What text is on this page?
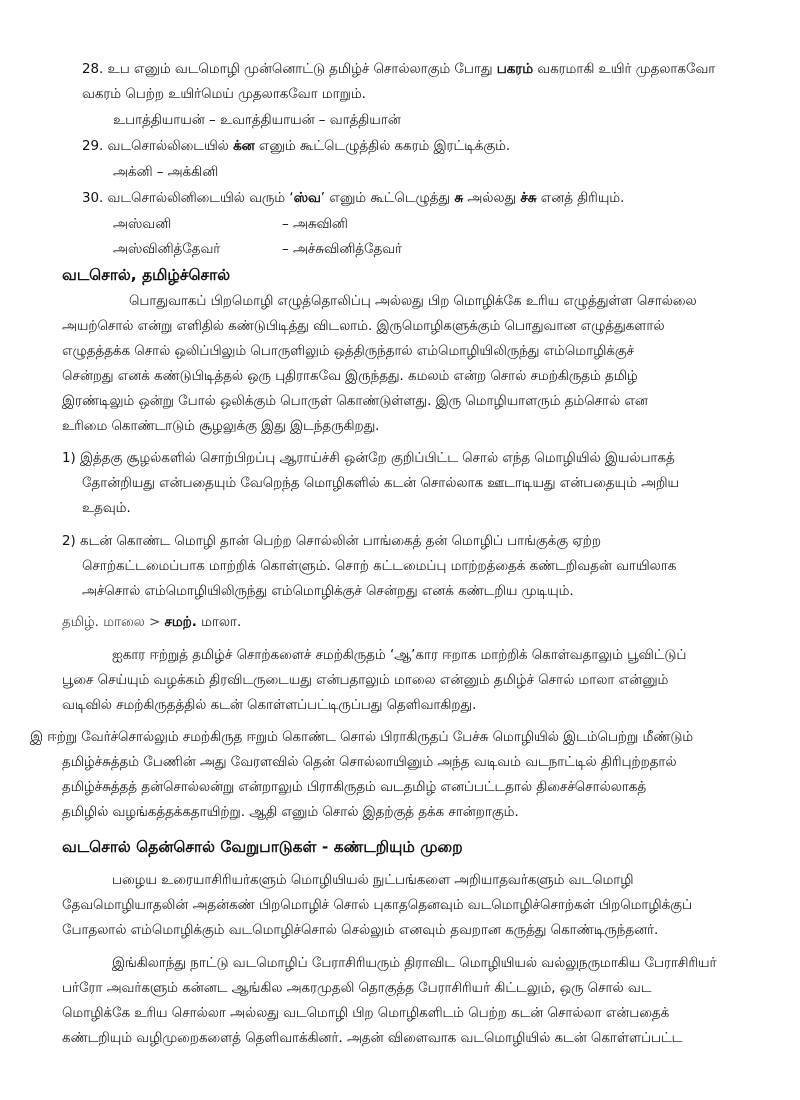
28. உப எனும் வடமொழி முன்னொட்டு தமிழ்ச் சொல்லாகும் போது பகரம் வகரமாகி உயிர் முதலாகவோ
வகரம் பெற்ற உயிர்மெய் முதலாகவோ மாறும்.
உபாத்தியாயன் – உவாத்தியாயன் – வாத்தியான்
29. வடசொல்லிடையில் க்ன எனும் கூட்டெழுத்தில் ககரம் இரட்டிக்கும்.
அக்னி – அக்கினி
30. வடசொல்லினிடையில் வரும் ‘ஸ்வ’ எனும் கூட்டெழுத்து சு அல்லது ச்சு எனத் திரியும்.
அஸ்வனி	– அசுவினி
அஸ்வினித்தேவர்	– அச்சுவினித்தேவர்
வடசொல், தமிழ்ச்சொல்
பொதுவாகப் பிறமொழி எழுத்தொலிப்பு அல்லது பிற மொழிக்கே உரிய எழுத்துள்ள சொல்லை
அயற்சொல் என்று எளிதில் கண்டுபிடித்து விடலாம். இருமொழிகளுக்கும் பொதுவான எழுத்துகளால்
எழுதத்தக்க சொல் ஒலிப்பிலும் பொருளிலும் ஒத்திருந்தால் எம்மொழியிலிருந்து எம்மொழிக்குச்
சென்றது எனக் கண்டுபிடித்தல் ஒரு புதிராகவே இருந்தது. கமலம் என்ற சொல் சமற்கிருதம் தமிழ்
இரண்டிலும் ஒன்று போல் ஒலிக்கும் பொருள் கொண்டுள்ளது. இரு மொழியாளரும் தம்சொல் என
உரிமை கொண்டாடும் சூழலுக்கு இது இடந்தருகிறது.
1) இத்தகு சூழல்களில் சொற்பிறப்பு ஆராய்ச்சி ஒன்றே குறிப்பிட்ட சொல் எந்த மொழியில் இயல்பாகத்
தோன்றியது என்பதையும் வேறெந்த மொழிகளில் கடன் சொல்லாக ஊடாடியது என்பதையும் அறிய
உதவும்.
2) கடன் கொண்ட மொழி தான் பெற்ற சொல்லின் பாங்கைத் தன் மொழிப் பாங்குக்கு ஏற்ற
சொற்கட்டமைப்பாக மாற்றிக் கொள்ளும். சொற் கட்டமைப்பு மாற்றத்தைக் கண்டறிவதன் வாயிலாக
அச்சொல் எம்மொழியிலிருந்து எம்மொழிக்குச் சென்றது எனக் கண்டறிய முடியும்.
தமிழ். மாலை > சமற். மாலா.
ஐகார ஈற்றுத் தமிழ்ச் சொற்களைச் சமற்கிருதம் ‘ஆ’கார ஈறாக மாற்றிக் கொள்வதாலும் பூவிட்டுப்
பூசை செய்யும் வழக்கம் திரவிடருடையது என்பதாலும் மாலை என்னும் தமிழ்ச் சொல் மாலா என்னும்
வடிவில் சமற்கிருதத்தில் கடன் கொள்ளப்பட்டிருப்பது தெளிவாகிறது.
இ ஈற்று வேர்ச்சொல்லும் சமற்கிருத ஈறும் கொண்ட சொல் பிராகிருதப் பேச்சு மொழியில் இடம்பெற்று மீண்டும்
தமிழ்ச்சுத்தம் பேணின் அது வேரளவில் தென் சொல்லாயினும் அந்த வடிவம் வடநாட்டில் திரிபுற்றதால்
தமிழ்ச்சுத்தத் தன்சொல்லன்று என்றாலும் பிராகிருதம் வடதமிழ் எனப்பட்டதால் திசைச்சொல்லாகத்
தமிழில் வழங்கத்தக்கதாயிற்று. ஆதி எனும் சொல் இதற்குத் தக்க சான்றாகும்.
வடசொல் தென்சொல் வேறுபாடுகள் - கண்டறியும் முறை
பழைய உரையாசிரியர்களும் மொழியியல் நுட்பங்களை அறியாதவர்களும் வடமொழி
தேவமொழியாதலின் அதன்கண் பிறமொழிச் சொல் புகாததெனவும் வடமொழிச்சொற்கள் பிறமொழிக்குப்
போதலால் எம்மொழிக்கும் வடமொழிச்சொல் செல்லும் எனவும் தவறான கருத்து கொண்டிருந்தனர்.
இங்கிலாந்து நாட்டு வடமொழிப் பேராசிரியரும் திராவிட மொழியியல் வல்லுநருமாகிய பேராசிரியர்
பர்ரோ அவர்களும் கன்னட ஆங்கில அகரமுதலி தொகுத்த பேராசிரியர் கிட்டலும், ஒரு சொல் வட
மொழிக்கே உரிய சொல்லா அல்லது வடமொழி பிற மொழிகளிடம் பெற்ற கடன் சொல்லா என்பதைக்
கண்டறியும் வழிமுறைகளைத் தெளிவாக்கினர். அதன் விளைவாக வடமொழியில் கடன் கொள்ளப்பட்ட
